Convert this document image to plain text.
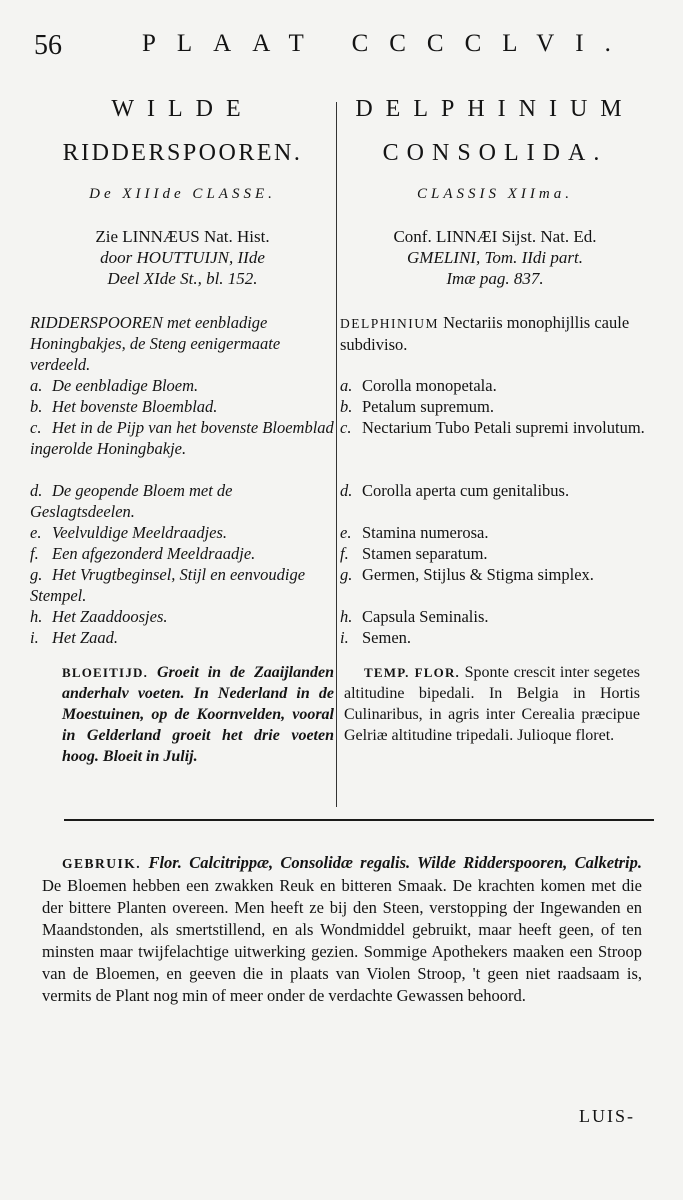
56	PLAAT CCCCLVI.
WILDE
RIDDERSPOOREN.
De XIIIde CLASSE.
Zie LINNÆUS Nat. Hist.
door HOUTTUIJN, IIde
Deel XIde St., bl. 152.
RIDDERSPOOREN met eenbladige Honingbakjes, de Steng eenigermaate verdeeld.
a. De eenbladige Bloem.
b. Het bovenste Bloemblad.
c. Het in de Pijp van het bovenste Bloemblad ingerolde Honingbakje.
d. De geopende Bloem met de Geslagtsdeelen.
e. Veelvuldige Meeldraadjes.
f. Een afgezonderd Meeldraadje.
g. Het Vrugtbeginsel, Stijl en eenvoudige Stempel.
h. Het Zaaddoosjes.
i. Het Zaad.
BLOEITIJD. Groeit in de Zaaijlanden anderhalv voeten. In Nederland in de Moestuinen, op de Koornvelden, vooral in Gelderland groeit het drie voeten hoog. Bloeit in Julij.
DELPHINIUM
CONSOLIDA.
CLASSIS XIIma.
Conf. LINNÆI Sijst. Nat. Ed.
GMELINI, Tom. IIdi part.
Imæ pag. 837.
DELPHINIUM Nectariis monophijllis caule subdiviso.
a. Corolla monopetala.
b. Petalum supremum.
c. Nectarium Tubo Petali supremi involutum.
d. Corolla aperta cum genitalibus.
e. Stamina numerosa.
f. Stamen separatum.
g. Germen, Stijlus & Stigma simplex.
h. Capsula Seminalis.
i. Semen.
TEMP. FLOR. Sponte crescit inter segetes altitudine bipedali. In Belgia in Hortis Culinaribus, in agris inter Cerealia præcipue Gelriæ altitudine tripedali. Julioque floret.
GEBRUIK. Flor. Calcitrippæ, Consolidæ regalis. Wilde Ridderspooren, Calketrip. De Bloemen hebben een zwakken Reuk en bitteren Smaak. De krachten komen met die der bittere Planten overeen. Men heeft ze bij den Steen, verstopping der Ingewanden en Maandstonden, als smertstillend, en als Wondmiddel gebruikt, maar heeft geen, of ten minsten maar twijfelachtige uitwerking gezien. Sommige Apothekers maaken een Stroop van de Bloemen, en geeven die in plaats van Violen Stroop, 't geen niet raadsaam is, vermits de Plant nog min of meer onder de verdachte Gewassen behoord.
LUIS-
